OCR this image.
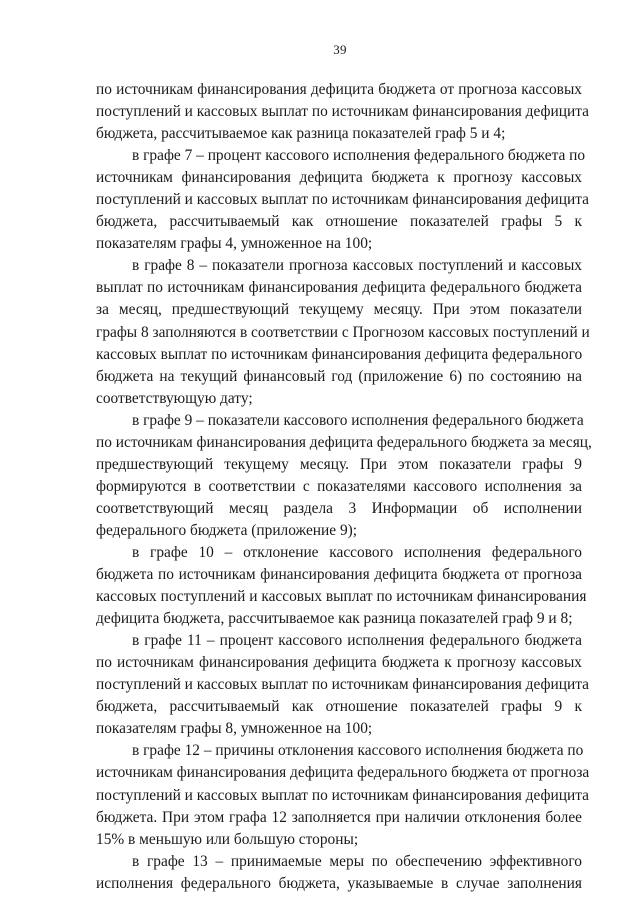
39

по источникам финансирования дефицита бюджета от прогноза кассовых
поступлений и кассовых выплат по источникам финансирования дефицита
бюджета, рассчитываемое как разница показателей граф 5 и 4;

в графе 7 – процент кассового исполнения федерального бюджета по
источникам финансирования дефицита бюджета к прогнозу кассовых
поступлений и кассовых выплат по источникам финансирования дефицита
бюджета, рассчитываемый как отношение показателей графы 5 к
показателям графы 4, умноженное на 100;

в графе 8 – показатели прогноза кассовых поступлений и кассовых
выплат по источникам финансирования дефицита федерального бюджета
за месяц, предшествующий текущему месяцу. При этом показатели
графы 8 заполняются в соответствии с Прогнозом кассовых поступлений и
кассовых выплат по источникам финансирования дефицита федерального
бюджета на текущий финансовый год (приложение 6) по состоянию на
соответствующую дату;

в графе 9 – показатели кассового исполнения федерального бюджета
по источникам финансирования дефицита федерального бюджета за месяц,
предшествующий текущему месяцу. При этом показатели графы 9
формируются в соответствии с показателями кассового исполнения за
соответствующий месяц раздела 3 Информации об исполнении
федерального бюджета (приложение 9);

в графе 10 – отклонение кассового исполнения федерального
бюджета по источникам финансирования дефицита бюджета от прогноза
кассовых поступлений и кассовых выплат по источникам финансирования
дефицита бюджета, рассчитываемое как разница показателей граф 9 и 8;

в графе 11 – процент кассового исполнения федерального бюджета
по источникам финансирования дефицита бюджета к прогнозу кассовых
поступлений и кассовых выплат по источникам финансирования дефицита
бюджета, рассчитываемый как отношение показателей графы 9 к
показателям графы 8, умноженное на 100;

в графе 12 – причины отклонения кассового исполнения бюджета по
источникам финансирования дефицита федерального бюджета от прогноза
поступлений и кассовых выплат по источникам финансирования дефицита
бюджета. При этом графа 12 заполняется при наличии отклонения более
15% в меньшую или большую стороны;

в графе 13 – принимаемые меры по обеспечению эффективного
исполнения федерального бюджета, указываемые в случае заполнения
